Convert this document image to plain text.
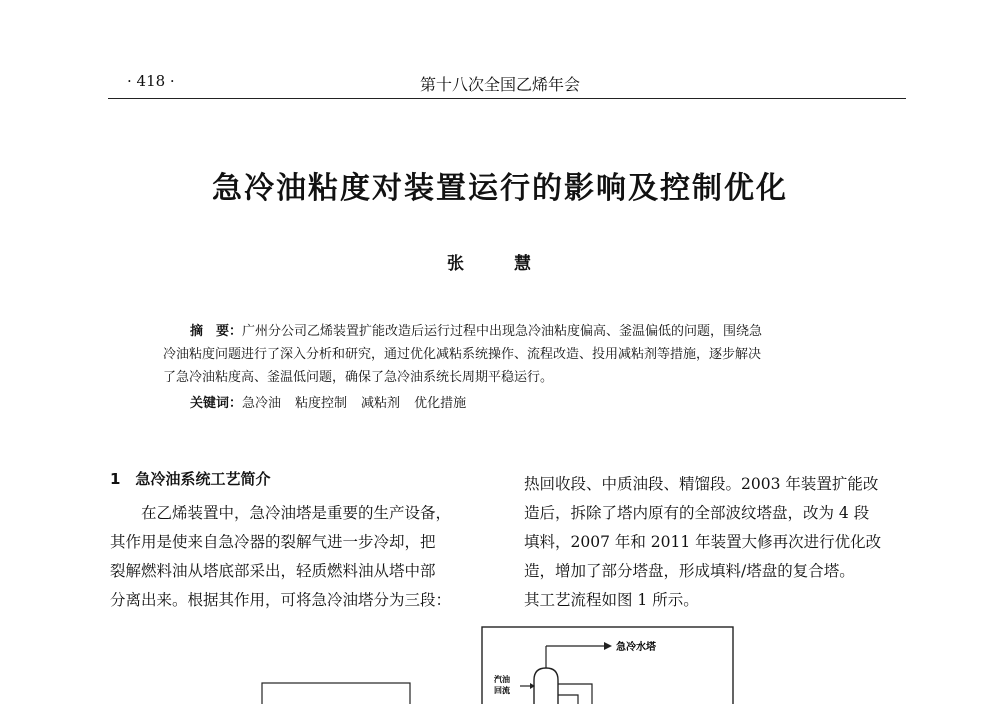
· 418 ·	第十八次全国乙烯年会
急冷油粘度对装置运行的影响及控制优化
张 慧
摘　要：广州分公司乙烯装置扩能改造后运行过程中出现急冷油粘度偏高、釜温偏低的问题，围绕急
冷油粘度问题进行了深入分析和研究，通过优化减粘系统操作、流程改造、投用减粘剂等措施，逐步解决
了急冷油粘度高、釜温低问题，确保了急冷油系统长周期平稳运行。
关键词：急冷油 粘度控制 减粘剂 优化措施
1　急冷油系统工艺简介
在乙烯装置中，急冷油塔是重要的生产设备，
其作用是使来自急冷器的裂解气进一步冷却，把
裂解燃料油从塔底部采出，轻质燃料油从塔中部
分离出来。根据其作用，可将急冷油塔分为三段：
热回收段、中质油段、精馏段。2003 年装置扩能改
造后，拆除了塔内原有的全部波纹塔盘，改为 4 段
填料，2007 年和 2011 年装置大修再次进行优化改
造，增加了部分塔盘，形成填料/塔盘的复合塔。
其工艺流程如图 1 所示。
急冷水塔
汽油
回流
